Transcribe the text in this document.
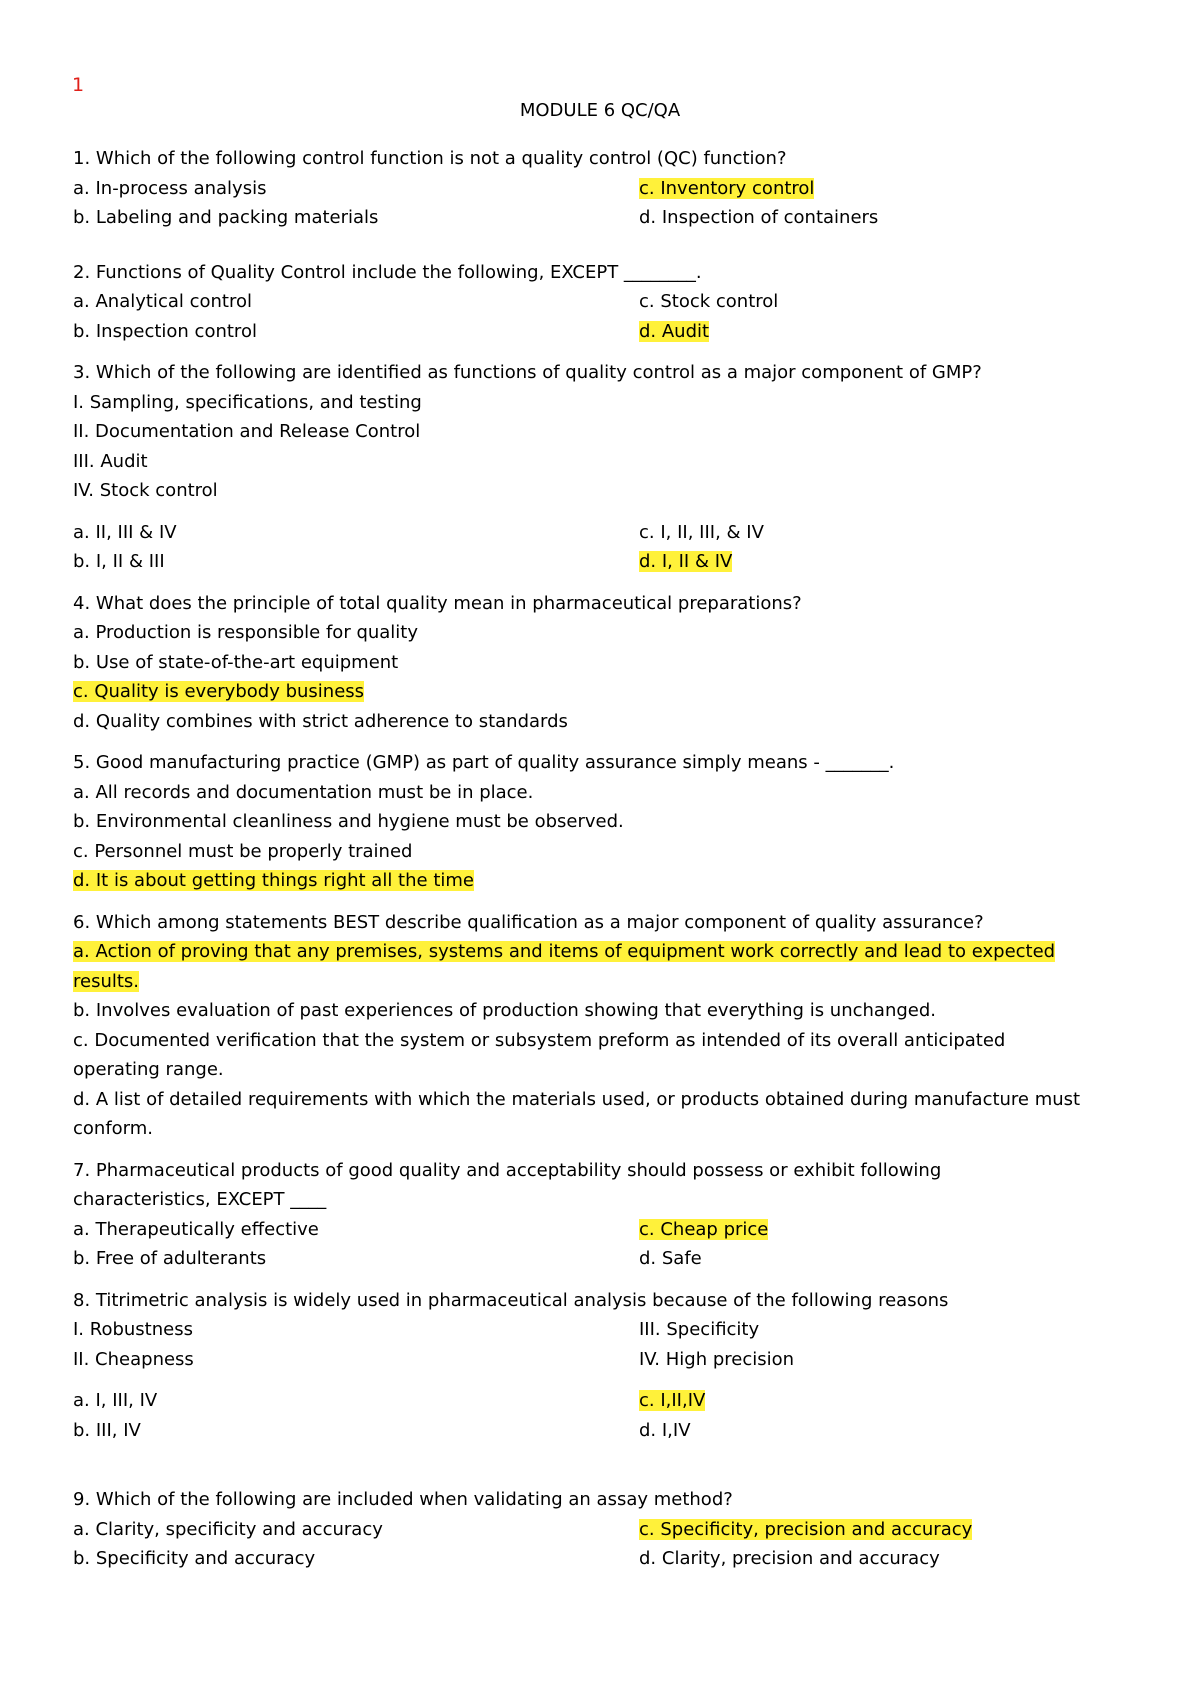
1
MODULE 6 QC/QA
1. Which of the following control function is not a quality control (QC) function?
a. In-process analysis	c. Inventory control
b. Labeling and packing materials	d. Inspection of containers
2. Functions of Quality Control include the following, EXCEPT ________.
a. Analytical control	c. Stock control
b. Inspection control	d. Audit
3. Which of the following are identified as functions of quality control as a major component of GMP?
I. Sampling, specifications, and testing
II. Documentation and Release Control
III. Audit
IV. Stock control
a. II, III & IV	c. I, II, III, & IV
b. I, II & III	d. I, II & IV
4. What does the principle of total quality mean in pharmaceutical preparations?
a. Production is responsible for quality
b. Use of state-of-the-art equipment
c. Quality is everybody business
d. Quality combines with strict adherence to standards
5. Good manufacturing practice (GMP) as part of quality assurance simply means - _______.
a. All records and documentation must be in place.
b. Environmental cleanliness and hygiene must be observed.
c. Personnel must be properly trained
d. It is about getting things right all the time
6. Which among statements BEST describe qualification as a major component of quality assurance?
a. Action of proving that any premises, systems and items of equipment work correctly and lead to expected
results.
b. Involves evaluation of past experiences of production showing that everything is unchanged.
c. Documented verification that the system or subsystem preform as intended of its overall anticipated
operating range.
d. A list of detailed requirements with which the materials used, or products obtained during manufacture must
conform.
7. Pharmaceutical products of good quality and acceptability should possess or exhibit following
characteristics, EXCEPT ____
a. Therapeutically effective	c. Cheap price
b. Free of adulterants	d. Safe
8. Titrimetric analysis is widely used in pharmaceutical analysis because of the following reasons
I. Robustness	III. Specificity
II. Cheapness	IV. High precision
a. I, III, IV	c. I,II,IV
b. III, IV	d. I,IV
9. Which of the following are included when validating an assay method?
a. Clarity, specificity and accuracy	c. Specificity, precision and accuracy
b. Specificity and accuracy	d. Clarity, precision and accuracy
